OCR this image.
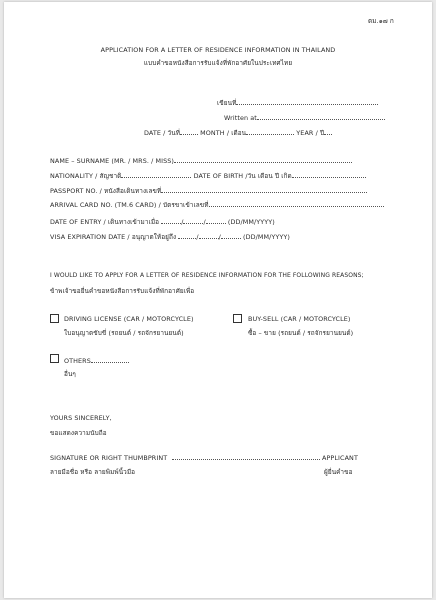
ตม.๑๗ ก
APPLICATION FOR A LETTER OF RESIDENCE INFORMATION IN THAILAND
แบบคำขอหนังสือการรับแจ้งที่พักอาศัยในประเทศไทย
เขียนที่
Written at
DATE / วันที่	MONTH / เดือน	YEAR / ปี
NAME – SURNAME (MR. / MRS. / MISS)
NATIONALITY / สัญชาติ	DATE OF BIRTH /วัน เดือน ปี เกิด
PASSPORT NO. / หนังสือเดินทางเลขที่
ARRIVAL CARD NO. (TM.6 CARD) / บัตรขาเข้าเลขที่
DATE OF ENTRY / เดินทางเข้ามาเมื่อ	/	/	(DD/MM/YYYY)
VISA EXPIRATION DATE / อนุญาตให้อยู่ถึง	/	/	(DD/MM/YYYY)
I WOULD LIKE TO APPLY FOR A LETTER OF RESIDENCE INFORMATION FOR THE FOLLOWING REASONS;
ข้าพเจ้าขอยื่นคำขอหนังสือการรับแจ้งที่พักอาศัยเพื่อ
DRIVING LICENSE (CAR / MOTORCYCLE)
ใบอนุญาตขับขี่ (รถยนต์ / รถจักรยานยนต์)
BUY-SELL (CAR / MOTORCYCLE)
ซื้อ – ขาย (รถยนต์ / รถจักรยานยนต์)
OTHERS
อื่นๆ
YOURS SINCERELY,
ขอแสดงความนับถือ
SIGNATURE OR RIGHT THUMBPRINT	APPLICANT
ลายมือชื่อ หรือ ลายพิมพ์นิ้วมือ	ผู้ยื่นคำขอ
